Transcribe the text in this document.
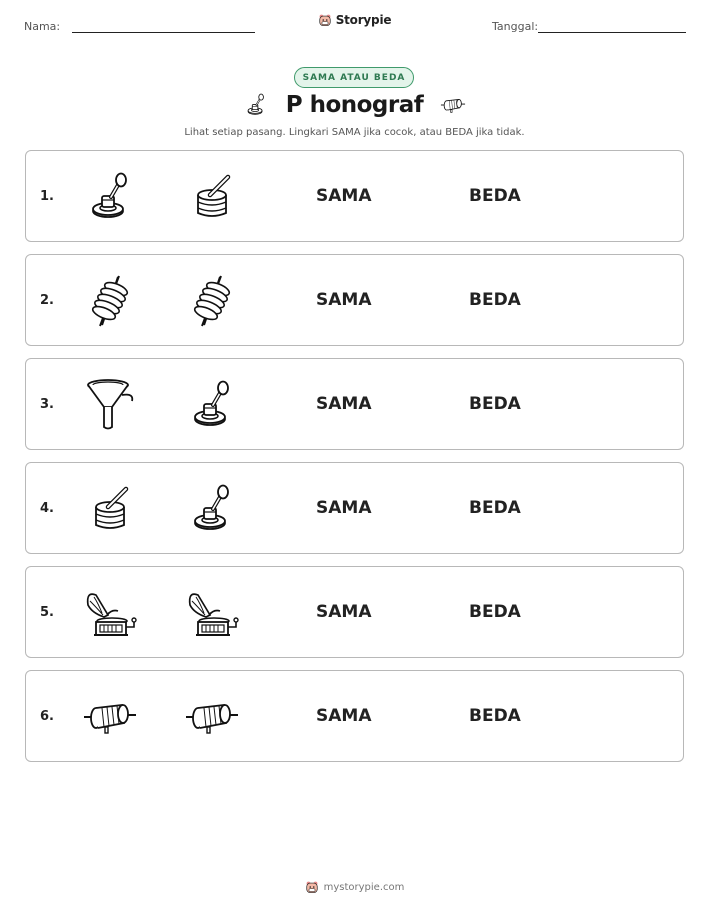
Nama:	Storypie	Tanggal:
SAMA ATAU BEDA
P honograf
Lihat setiap pasang. Lingkari SAMA jika cocok, atau BEDA jika tidak.
1.	SAMA	BEDA
2.	SAMA	BEDA
3.	SAMA	BEDA
4.	SAMA	BEDA
5.	SAMA	BEDA
6.	SAMA	BEDA
mystorypie.com
